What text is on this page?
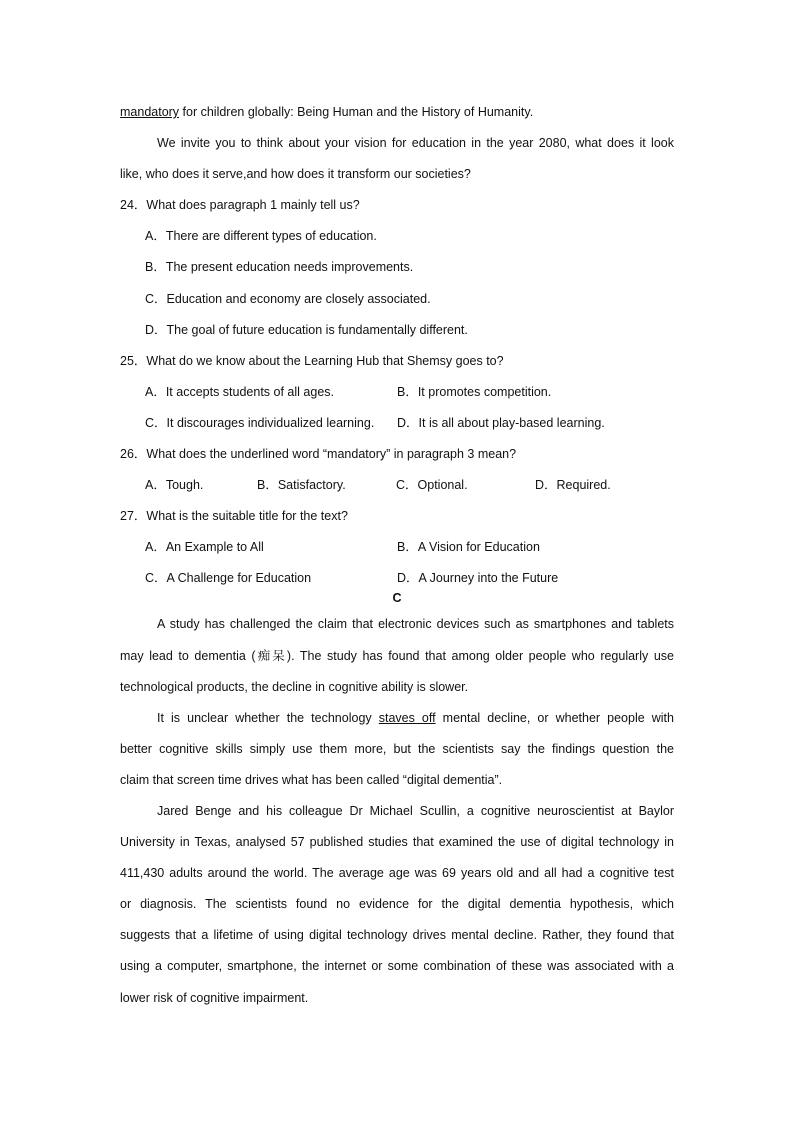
mandatory for children globally: Being Human and the History of Humanity.
We invite you to think about your vision for education in the year 2080, what does it look
like, who does it serve,and how does it transform our societies?
24．What does paragraph 1 mainly tell us?
A．There are different types of education.
B．The present education needs improvements.
C．Education and economy are closely associated.
D．The goal of future education is fundamentally different.
25．What do we know about the Learning Hub that Shemsy goes to?
A．It accepts students of all ages.	B．It promotes competition.
C．It discourages individualized learning. D．It is all about play-based learning.
26．What does the underlined word “mandatory” in paragraph 3 mean?
A．Tough.	B．Satisfactory.	C．Optional.	D．Required.
27．What is the suitable title for the text?
A．An Example to All	B．A Vision for Education
C．A Challenge for Education	D．A Journey into the Future
C
A study has challenged the claim that electronic devices such as smartphones and tablets
may lead to dementia (痴呆). The study has found that among older people who regularly use
technological products, the decline in cognitive ability is slower.
It is unclear whether the technology staves off mental decline, or whether people with
better cognitive skills simply use them more, but the scientists say the findings question the
claim that screen time drives what has been called “digital dementia”.
Jared Benge and his colleague Dr Michael Scullin, a cognitive neuroscientist at Baylor
University in Texas, analysed 57 published studies that examined the use of digital technology in
411,430 adults around the world. The average age was 69 years old and all had a cognitive test
or diagnosis. The scientists found no evidence for the digital dementia hypothesis, which
suggests that a lifetime of using digital technology drives mental decline. Rather, they found that
using a computer, smartphone, the internet or some combination of these was associated with a
lower risk of cognitive impairment.
